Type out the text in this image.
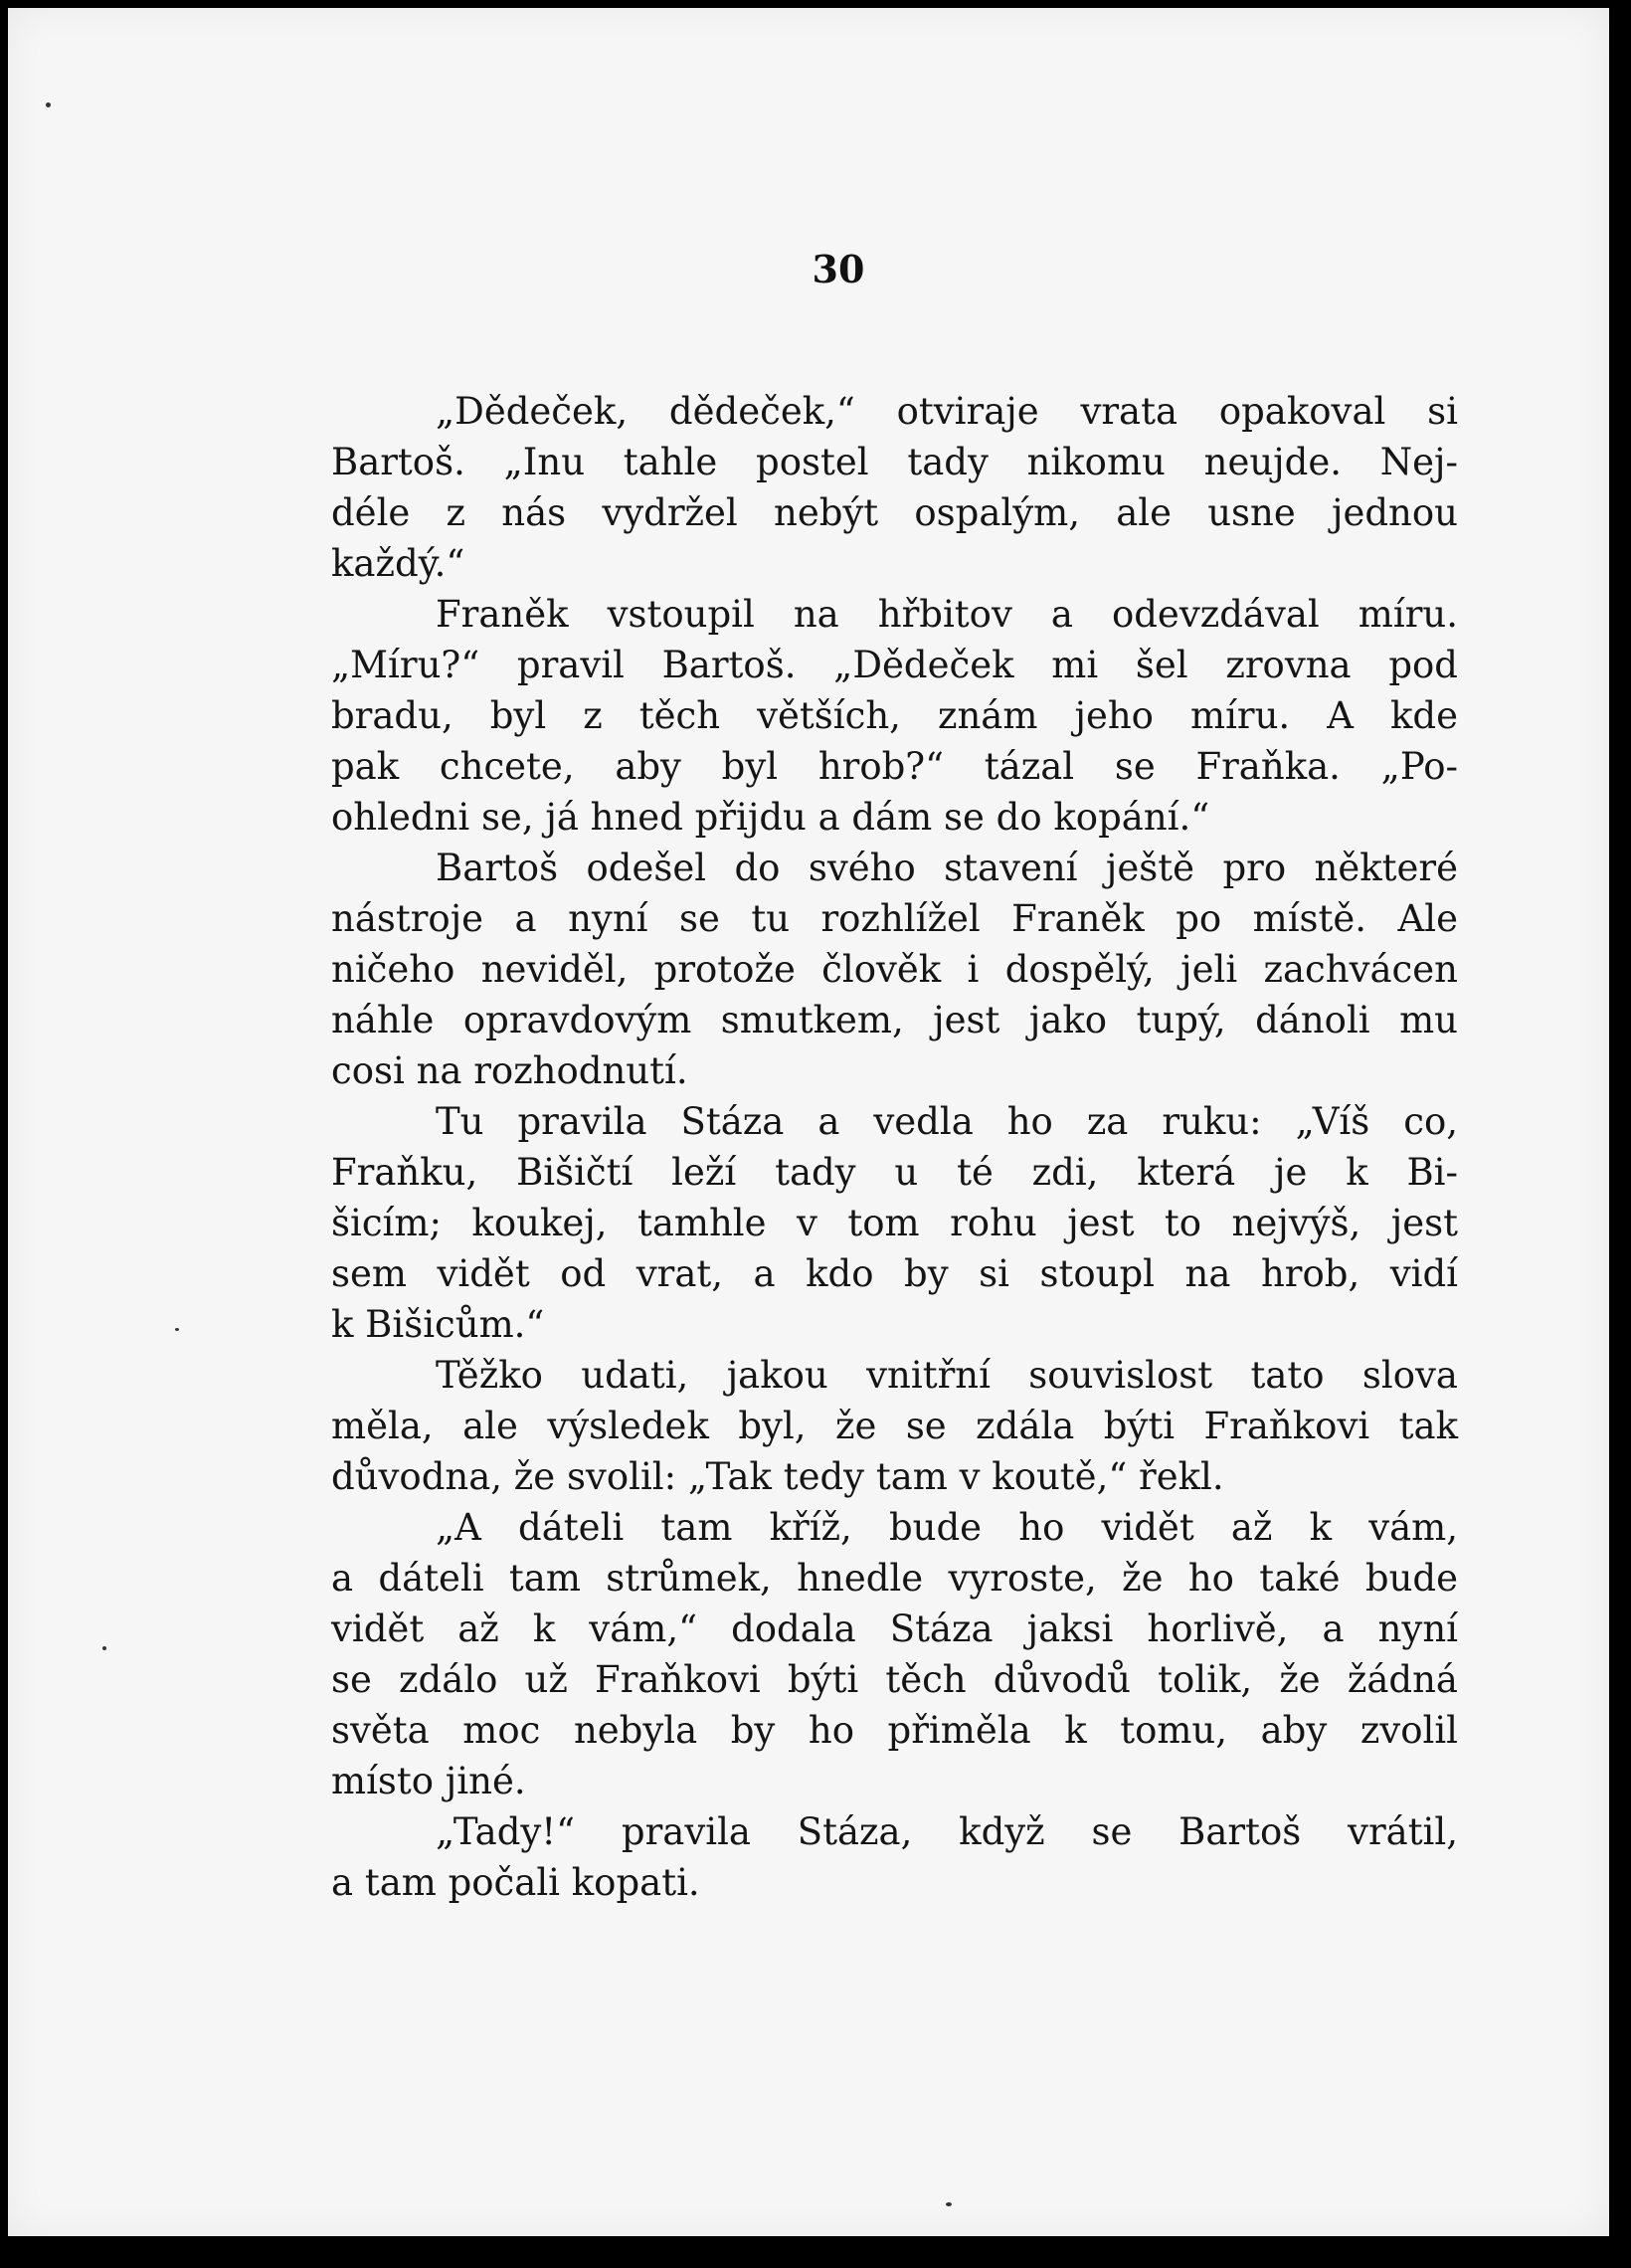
30
„Dědeček, dědeček,“ otviraje vrata opakoval si
Bartoš. „Inu tahle postel tady nikomu neujde. Nej-
déle z nás vydržel nebýt ospalým, ale usne jednou
každý.“
Franěk vstoupil na hřbitov a odevzdával míru.
„Míru?“ pravil Bartoš. „Dědeček mi šel zrovna pod
bradu, byl z těch větších, znám jeho míru. A kde
pak chcete, aby byl hrob?“ tázal se Fraňka. „Po-
ohledni se, já hned přijdu a dám se do kopání.“
Bartoš odešel do svého stavení ještě pro některé
nástroje a nyní se tu rozhlížel Franěk po místě. Ale
ničeho neviděl, protože člověk i dospělý, jeli zachvácen
náhle opravdovým smutkem, jest jako tupý, dánoli mu
cosi na rozhodnutí.
Tu pravila Stáza a vedla ho za ruku: „Víš co,
Fraňku, Bišičtí leží tady u té zdi, která je k Bi-
šicím; koukej, tamhle v tom rohu jest to nejvýš, jest
sem vidět od vrat, a kdo by si stoupl na hrob, vidí
k Bišicům.“
Těžko udati, jakou vnitřní souvislost tato slova
měla, ale výsledek byl, že se zdála býti Fraňkovi tak
důvodna, že svolil: „Tak tedy tam v koutě,“ řekl.
„A dáteli tam kříž, bude ho vidět až k vám,
a dáteli tam strůmek, hnedle vyroste, že ho také bude
vidět až k vám,“ dodala Stáza jaksi horlivě, a nyní
se zdálo už Fraňkovi býti těch důvodů tolik, že žádná
světa moc nebyla by ho přiměla k tomu, aby zvolil
místo jiné.
„Tady!“ pravila Stáza, když se Bartoš vrátil,
a tam počali kopati.
